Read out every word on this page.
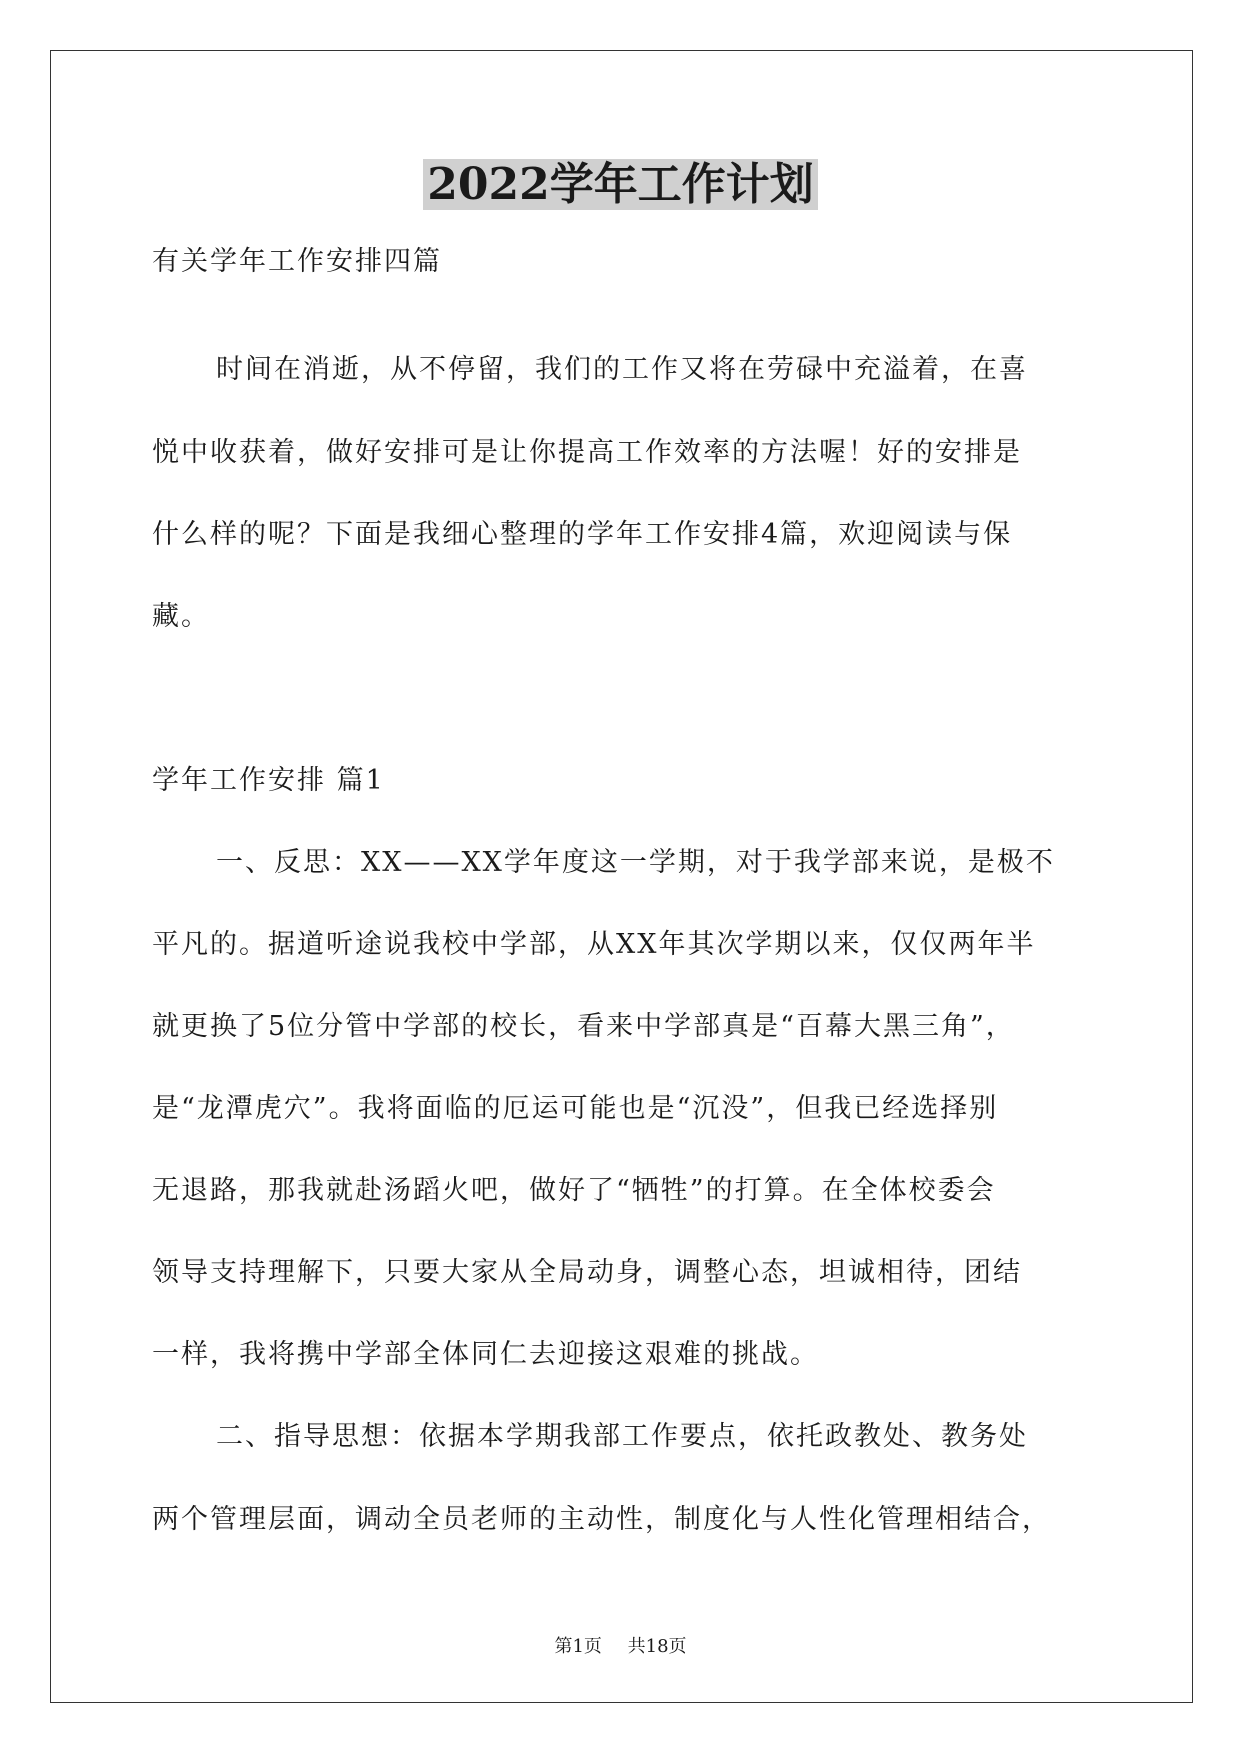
2022学年工作计划
有关学年工作安排四篇
时间在消逝，从不停留，我们的工作又将在劳碌中充溢着，在喜
悦中收获着，做好安排可是让你提高工作效率的方法喔！好的安排是
什么样的呢？下面是我细心整理的学年工作安排4篇，欢迎阅读与保
藏。
学年工作安排 篇1
一、反思：XX——XX学年度这一学期，对于我学部来说，是极不
平凡的。据道听途说我校中学部，从XX年其次学期以来，仅仅两年半
就更换了5位分管中学部的校长，看来中学部真是“百幕大黑三角”，
是“龙潭虎穴”。我将面临的厄运可能也是“沉没”，但我已经选择别
无退路，那我就赴汤蹈火吧，做好了“牺牲”的打算。在全体校委会
领导支持理解下，只要大家从全局动身，调整心态，坦诚相待，团结
一样，我将携中学部全体同仁去迎接这艰难的挑战。
二、指导思想：依据本学期我部工作要点，依托政教处、教务处
两个管理层面，调动全员老师的主动性，制度化与人性化管理相结合，
第1页 共18页
